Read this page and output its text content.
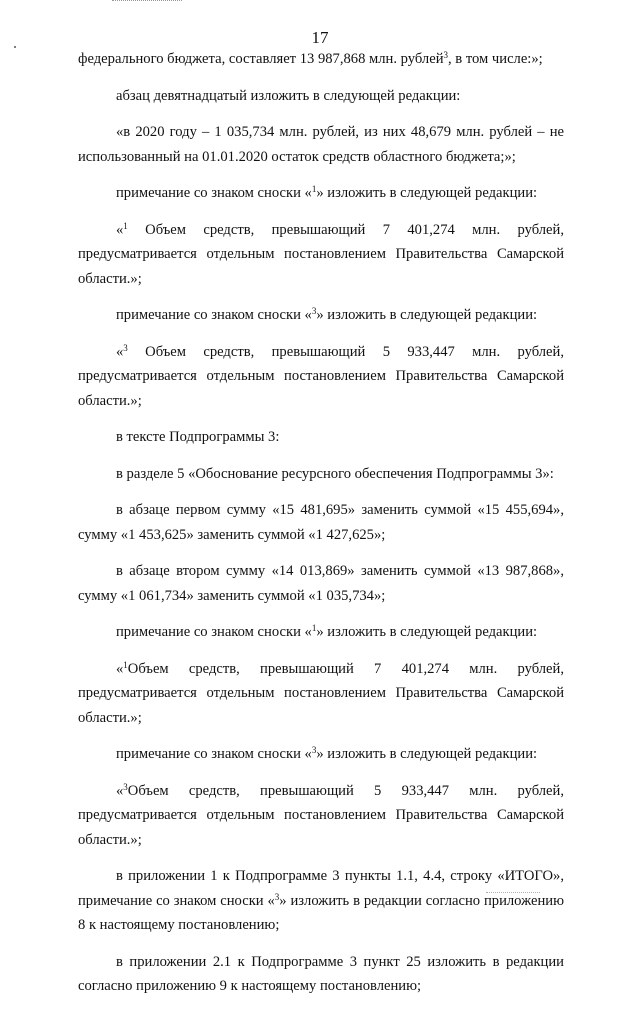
17

федерального бюджета, составляет 13 987,868 млн. рублей$^3$, в том числе:»;

абзац девятнадцатый изложить в следующей редакции:

«в 2020 году – 1 035,734 млн. рублей, из них 48,679 млн. рублей – не использованный на 01.01.2020 остаток средств областного бюджета;»;

примечание со знаком сноски «$^1$» изложить в следующей редакции:

«$^1$ Объем средств, превышающий 7 401,274 млн. рублей, предусматривается отдельным постановлением Правительства Самарской области.»;

примечание со знаком сноски «$^3$» изложить в следующей редакции:

«$^3$ Объем средств, превышающий 5 933,447 млн. рублей, предусматривается отдельным постановлением Правительства Самарской области.»;

в тексте Подпрограммы 3:

в разделе 5 «Обоснование ресурсного обеспечения Подпрограммы 3»:

в абзаце первом сумму «15 481,695» заменить суммой «15 455,694», сумму «1 453,625» заменить суммой «1 427,625»;

в абзаце втором сумму «14 013,869» заменить суммой «13 987,868», сумму «1 061,734» заменить суммой «1 035,734»;

примечание со знаком сноски «$^1$» изложить в следующей редакции:

«$^1$Объем средств, превышающий 7 401,274 млн. рублей, предусматривается отдельным постановлением Правительства Самарской области.»;

примечание со знаком сноски «$^3$» изложить в следующей редакции:

«$^3$Объем средств, превышающий 5 933,447 млн. рублей, предусматривается отдельным постановлением Правительства Самарской области.»;

в приложении 1 к Подпрограмме 3 пункты 1.1, 4.4, строку «ИТОГО», примечание со знаком сноски «$^3$» изложить в редакции согласно приложению 8 к настоящему постановлению;

в приложении 2.1 к Подпрограмме 3 пункт 25 изложить в редакции согласно приложению 9 к настоящему постановлению;
